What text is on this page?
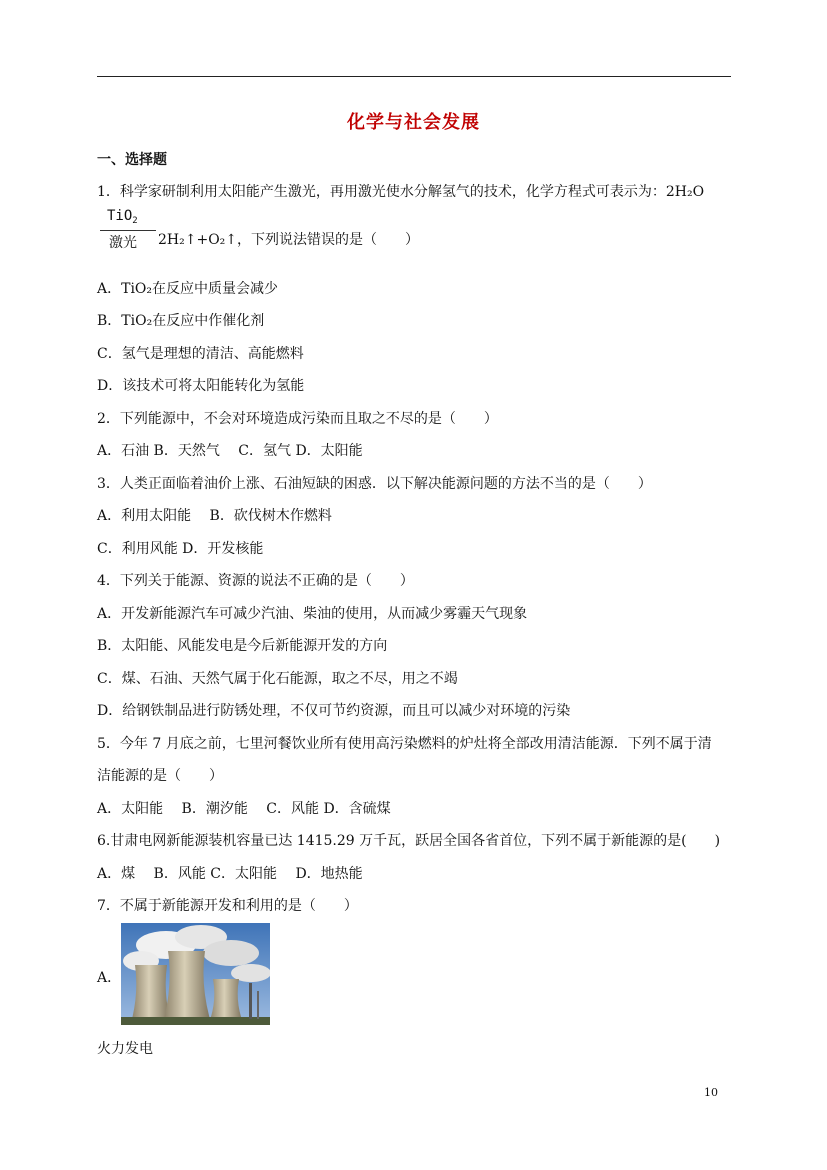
化学与社会发展
一、选择题
1．科学家研制利用太阳能产生激光，再用激光使水分解氢气的技术，化学方程式可表示为：2H₂O
TiO$_2$
激光 2H₂↑+O₂↑，下列说法错误的是（　　）
A．TiO₂在反应中质量会减少
B．TiO₂在反应中作催化剂
C．氢气是理想的清洁、高能燃料
D．该技术可将太阳能转化为氢能
2．下列能源中，不会对环境造成污染而且取之不尽的是（　　）
A．石油 B．天然气　 C．氢气 D．太阳能
3．人类正面临着油价上涨、石油短缺的困惑．以下解决能源问题的方法不当的是（　　）
A．利用太阳能　 B．砍伐树木作燃料
C．利用风能 D．开发核能
4．下列关于能源、资源的说法不正确的是（　　）
A．开发新能源汽车可减少汽油、柴油的使用，从而减少雾霾天气现象
B．太阳能、风能发电是今后新能源开发的方向
C．煤、石油、天然气属于化石能源，取之不尽，用之不竭
D．给钢铁制品进行防锈处理，不仅可节约资源，而且可以减少对环境的污染
5．今年 7 月底之前，七里河餐饮业所有使用高污染燃料的炉灶将全部改用清洁能源．下列不属于清
洁能源的是（　　）
A．太阳能　 B．潮汐能　 C．风能 D．含硫煤
6.甘肃电网新能源装机容量已达 1415.29 万千瓦，跃居全国各省首位，下列不属于新能源的是(　　)
A．煤　 B．风能 C．太阳能　 D．地热能
7．不属于新能源开发和利用的是（　　）
A．
火力发电
10
